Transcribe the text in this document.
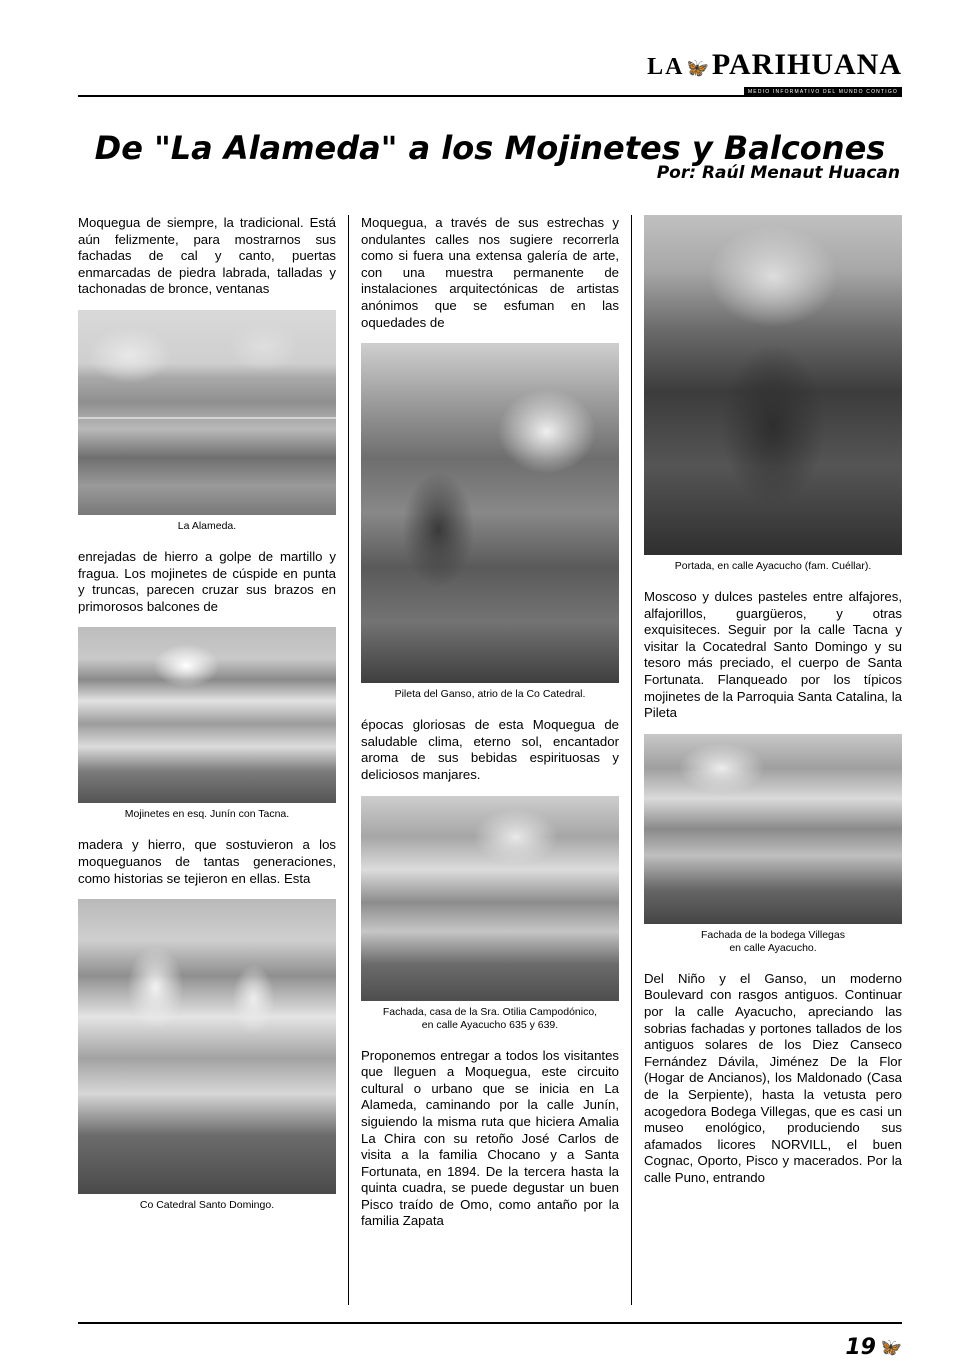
LA 🦋PARIHUANA
MEDIO INFORMATIVO DEL MUNDO CONTIGO
De "La Alameda" a los Mojinetes y Balcones
Por: Raúl Menaut Huacan

Moquegua de siempre, la tradicional. Está aún felizmente, para mostrarnos sus fachadas de cal y canto, puertas enmarcadas de piedra labrada, talladas y tachonadas de bronce, ventanas

La Alameda.

enrejadas de hierro a golpe de martillo y fragua. Los mojinetes de cúspide en punta y truncas, parecen cruzar sus brazos en primorosos balcones de

Mojinetes en esq. Junín con Tacna.

madera y hierro, que sostuvieron a los moqueguanos de tantas generaciones, como historias se tejieron en ellas. Esta

Co Catedral Santo Domingo.

Moquegua, a través de sus estrechas y ondulantes calles nos sugiere recorrerla como si fuera una extensa galería de arte, con una muestra permanente de instalaciones arquitectónicas de artistas anónimos que se esfuman en las oquedades de

Pileta del Ganso, atrio de la Co Catedral.

épocas gloriosas de esta Moquegua de saludable clima, eterno sol, encantador aroma de sus bebidas espirituosas y deliciosos manjares.

Fachada, casa de la Sra. Otilia Campodónico,
en calle Ayacucho 635 y 639.

Proponemos entregar a todos los visitantes que lleguen a Moquegua, este circuito cultural o urbano que se inicia en La Alameda, caminando por la calle Junín, siguiendo la misma ruta que hiciera Amalia La Chira con su retoño José Carlos de visita a la familia Chocano y a Santa Fortunata, en 1894. De la tercera hasta la quinta cuadra, se puede degustar un buen Pisco traído de Omo, como antaño por la familia Zapata

Portada, en calle Ayacucho (fam. Cuéllar).

Moscoso y dulces pasteles entre alfajores, alfajorillos, guargüeros, y otras exquisiteces. Seguir por la calle Tacna y visitar la Cocatedral Santo Domingo y su tesoro más preciado, el cuerpo de Santa Fortunata. Flanqueado por los típicos mojinetes de la Parroquia Santa Catalina, la Pileta

Fachada de la bodega Villegas
en calle Ayacucho.

Del Niño y el Ganso, un moderno Boulevard con rasgos antiguos. Continuar por la calle Ayacucho, apreciando las sobrias fachadas y portones tallados de los antiguos solares de los Diez Canseco Fernández Dávila, Jiménez De la Flor (Hogar de Ancianos), los Maldonado (Casa de la Serpiente), hasta la vetusta pero acogedora Bodega Villegas, que es casi un museo enológico, produciendo sus afamados licores NORVILL, el buen Cognac, Oporto, Pisco y macerados. Por la calle Puno, entrando

19 🦋
